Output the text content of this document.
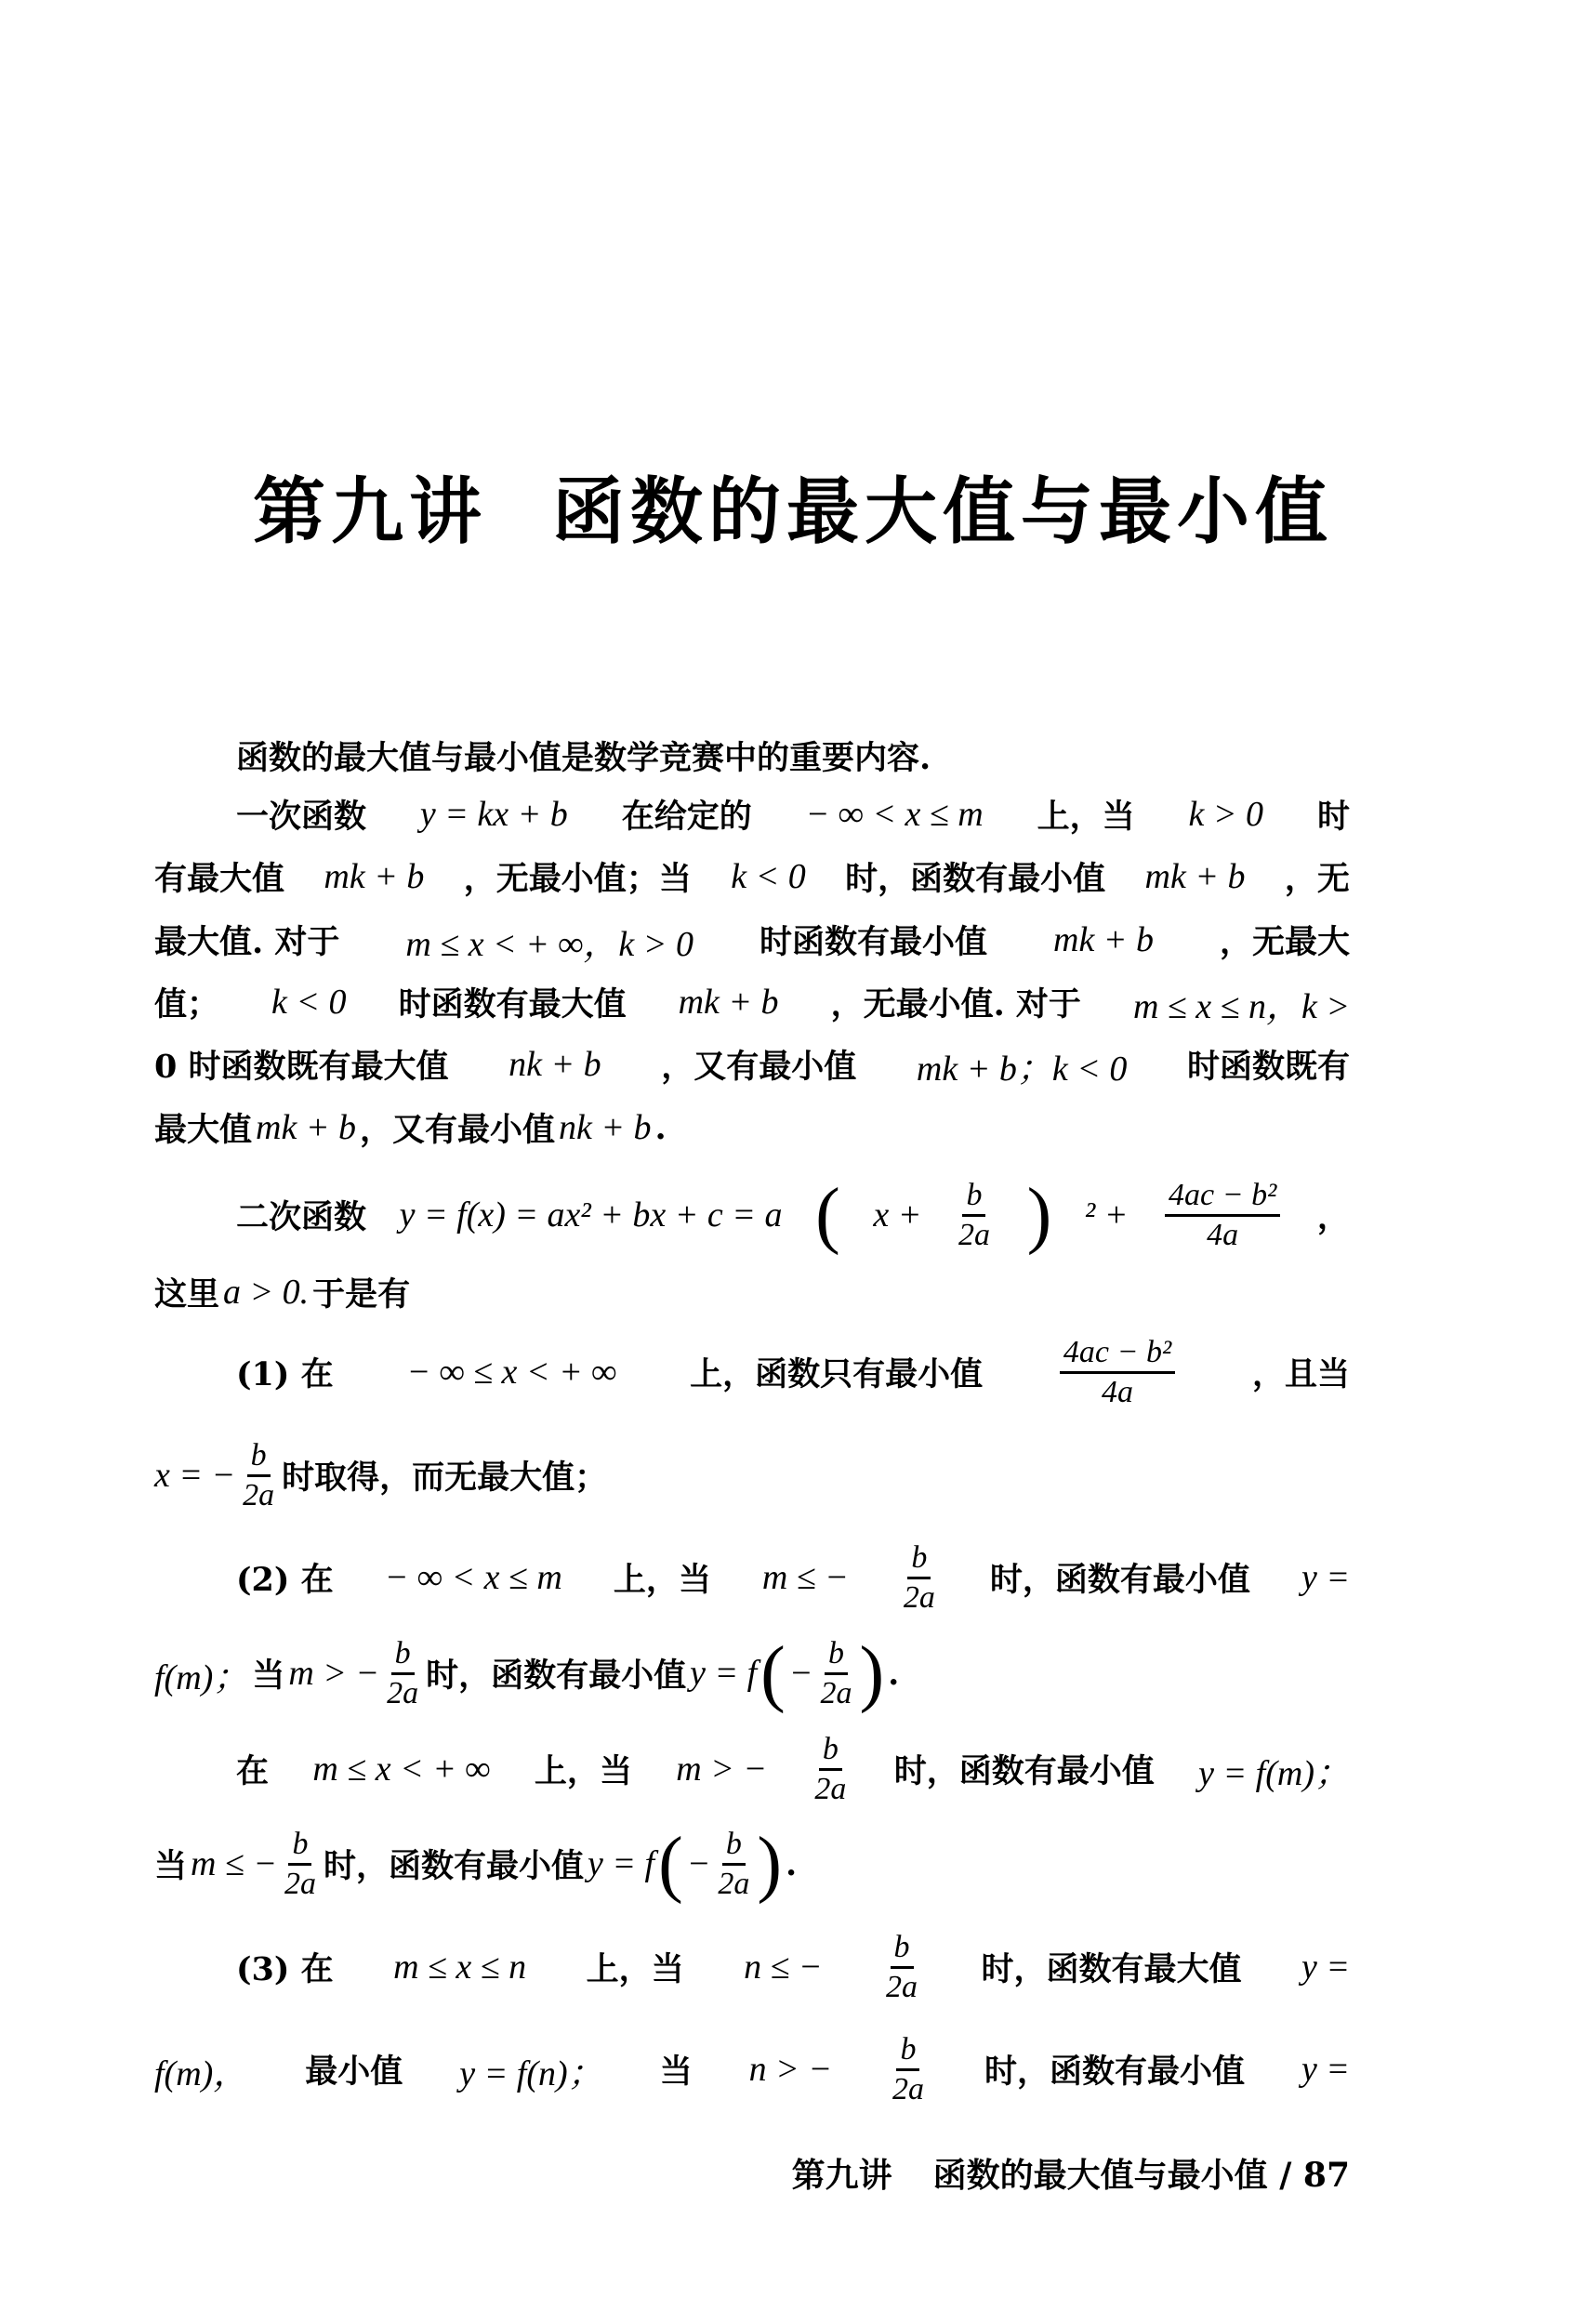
第九讲 函数的最大值与最小值
函数的最大值与最小值是数学竞赛中的重要内容.
一次函数 y = kx + b 在给定的 − ∞ < x ≤ m 上，当 k > 0 时
有最大值 mk + b ，无最小值；当 k < 0 时，函数有最小值 mk + b ，无
最大值. 对于 m ≤ x < + ∞，k > 0 时函数有最小值 mk + b ，无最大
值； k < 0 时函数有最大值 mk + b ，无最小值. 对于 m ≤ x ≤ n，k >
0 时函数既有最大值 nk + b ，又有最小值 mk + b；k < 0 时函数既有
最大值 mk + b ，又有最小值 nk + b .
二次函数 y = f(x) = ax² + bx + c = a ( $x + \frac{b}{2a}$ ) $^2 + \frac{\text{4ac − b²}}{4a}$ ，
这里 a > 0. 于是有
(1) 在 − ∞ ≤ x < + ∞ 上，函数只有最小值 $\frac{\text{4ac − b²}}{4a}$ ，且当
x = − $\frac{b}{2a}$ 时取得，而无最大值；
(2) 在 − ∞ < x ≤ m 上，当 m ≤ − $\frac{b}{2a}$ 时，函数有最小值 y =
f(m)； 当 m > − $\frac{b}{2a}$ 时，函数有最小值 y = f ( − $\frac{b}{2a}$ ) .
在 m ≤ x < + ∞ 上，当 m > − $\frac{b}{2a}$ 时，函数有最小值 y = f(m)；
当 m ≤ − $\frac{b}{2a}$ 时，函数有最小值 y = f ( − $\frac{b}{2a}$ ) .
(3) 在 m ≤ x ≤ n 上，当 n ≤ − $\frac{b}{2a}$ 时，函数有最大值 y =
f(m)， 最小值 y = f(n)； 当 n > − $\frac{b}{2a}$ 时，函数有最小值 y =
第九讲 函数的最大值与最小值 / 87
